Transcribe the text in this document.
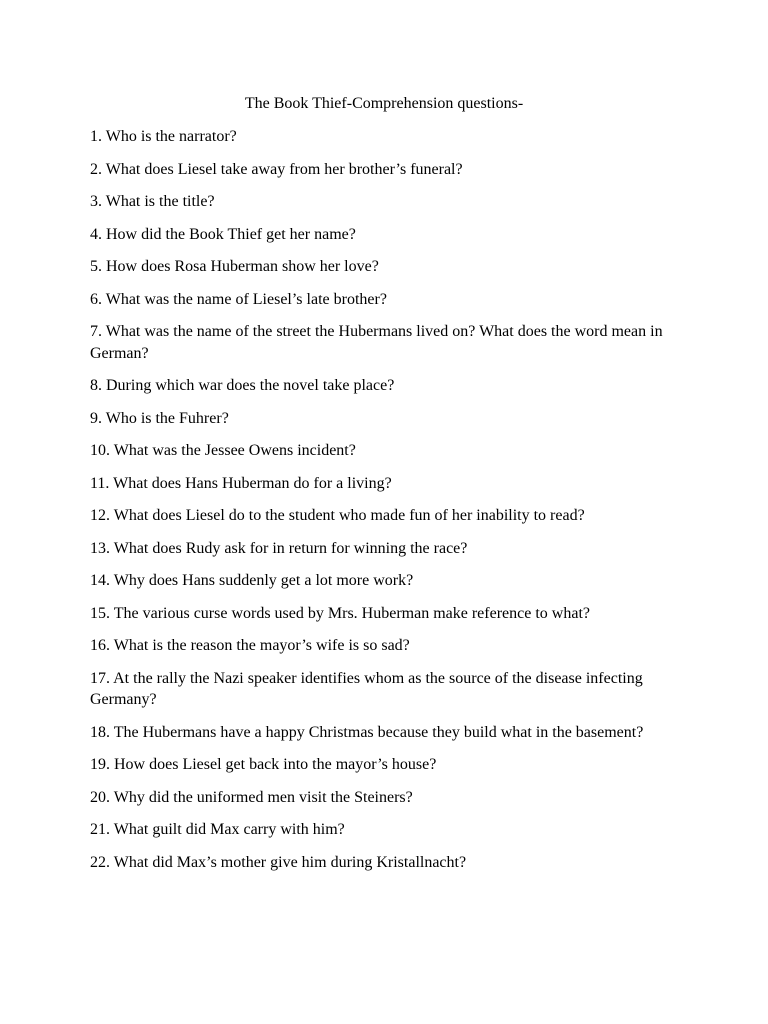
The Book Thief-Comprehension questions-

1. Who is the narrator?

2. What does Liesel take away from her brother’s funeral?

3. What is the title?

4. How did the Book Thief get her name?

5. How does Rosa Huberman show her love?

6. What was the name of Liesel’s late brother?

7. What was the name of the street the Hubermans lived on? What does the word mean in German?

8. During which war does the novel take place?

9. Who is the Fuhrer?

10. What was the Jessee Owens incident?

11. What does Hans Huberman do for a living?

12. What does Liesel do to the student who made fun of her inability to read?

13. What does Rudy ask for in return for winning the race?

14. Why does Hans suddenly get a lot more work?

15. The various curse words used by Mrs. Huberman make reference to what?

16. What is the reason the mayor’s wife is so sad?

17. At the rally the Nazi speaker identifies whom as the source of the disease infecting Germany?

18. The Hubermans have a happy Christmas because they build what in the basement?

19. How does Liesel get back into the mayor’s house?

20. Why did the uniformed men visit the Steiners?

21. What guilt did Max carry with him?

22. What did Max’s mother give him during Kristallnacht?
